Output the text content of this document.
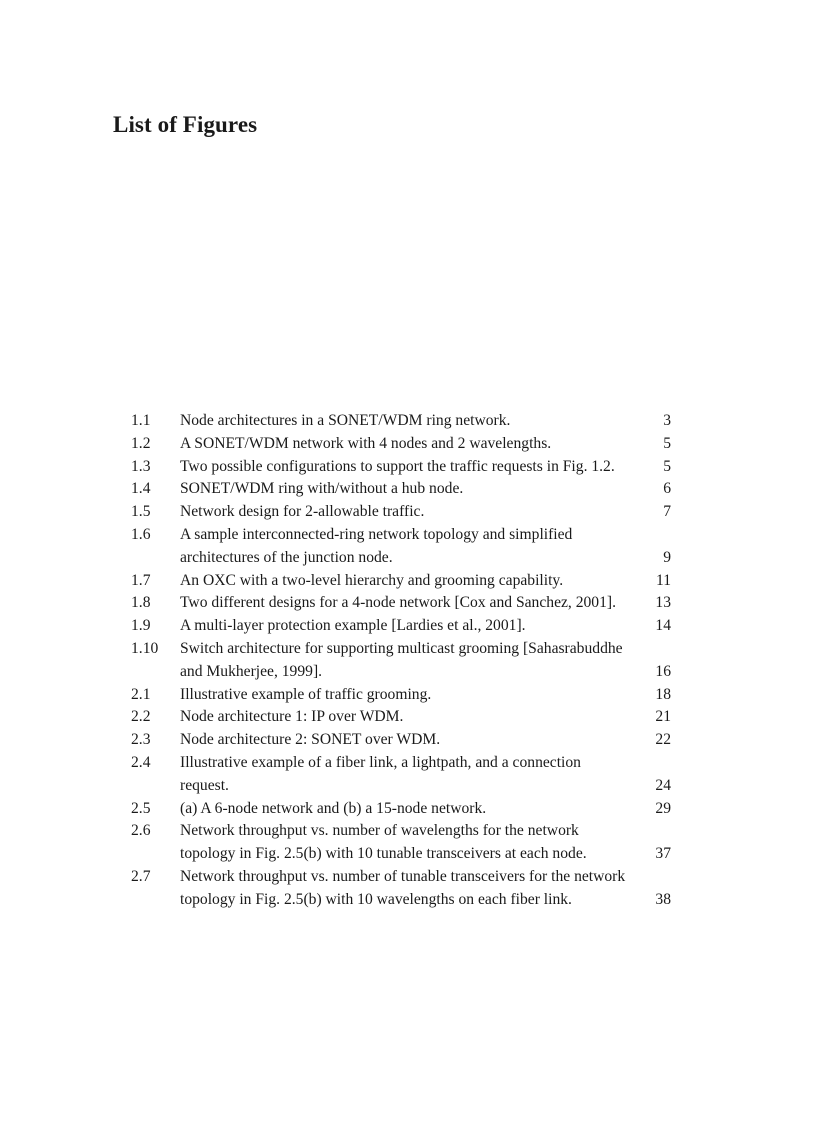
List of Figures
1.1	Node architectures in a SONET/WDM ring network.	3
1.2	A SONET/WDM network with 4 nodes and 2 wavelengths.	5
1.3	Two possible configurations to support the traffic requests in Fig. 1.2.	5
1.4	SONET/WDM ring with/without a hub node.	6
1.5	Network design for 2-allowable traffic.	7
1.6	A sample interconnected-ring network topology and simplified architectures of the junction node.	9
1.7	An OXC with a two-level hierarchy and grooming capability.	11
1.8	Two different designs for a 4-node network [Cox and Sanchez, 2001].	13
1.9	A multi-layer protection example [Lardies et al., 2001].	14
1.10	Switch architecture for supporting multicast grooming [Sahasrabuddhe and Mukherjee, 1999].	16
2.1	Illustrative example of traffic grooming.	18
2.2	Node architecture 1: IP over WDM.	21
2.3	Node architecture 2: SONET over WDM.	22
2.4	Illustrative example of a fiber link, a lightpath, and a connection request.	24
2.5	(a) A 6-node network and (b) a 15-node network.	29
2.6	Network throughput vs. number of wavelengths for the network topology in Fig. 2.5(b) with 10 tunable transceivers at each node.	37
2.7	Network throughput vs. number of tunable transceivers for the network topology in Fig. 2.5(b) with 10 wavelengths on each fiber link.	38
